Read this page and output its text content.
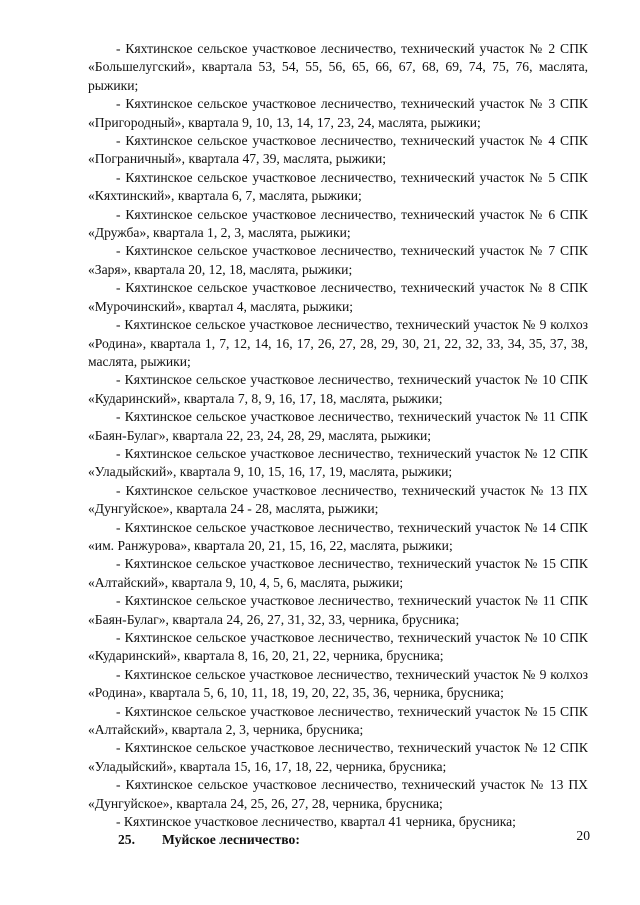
- Кяхтинское сельское участковое лесничество, технический участок № 2 СПК «Большелугский», квартала 53, 54, 55, 56, 65, 66, 67, 68, 69, 74, 75, 76, маслята, рыжики;

- Кяхтинское сельское участковое лесничество, технический участок № 3 СПК «Пригородный», квартала 9, 10, 13, 14, 17, 23, 24, маслята, рыжики;

- Кяхтинское сельское участковое лесничество, технический участок № 4 СПК «Пограничный», квартала 47, 39, маслята, рыжики;

- Кяхтинское сельское участковое лесничество, технический участок № 5 СПК «Кяхтинский», квартала 6, 7, маслята, рыжики;

- Кяхтинское сельское участковое лесничество, технический участок № 6 СПК «Дружба», квартала 1, 2, 3, маслята, рыжики;

- Кяхтинское сельское участковое лесничество, технический участок № 7 СПК «Заря», квартала 20, 12, 18, маслята, рыжики;

- Кяхтинское сельское участковое лесничество, технический участок № 8 СПК «Мурочинский», квартал 4, маслята, рыжики;

- Кяхтинское сельское участковое лесничество, технический участок № 9 колхоз «Родина», квартала 1, 7, 12, 14, 16, 17, 26, 27, 28, 29, 30, 21, 22, 32, 33, 34, 35, 37, 38, маслята, рыжики;

- Кяхтинское сельское участковое лесничество, технический участок № 10 СПК «Кударинский», квартала 7, 8, 9, 16, 17, 18, маслята, рыжики;

- Кяхтинское сельское участковое лесничество, технический участок № 11 СПК «Баян-Булаг», квартала 22, 23, 24, 28, 29, маслята, рыжики;

- Кяхтинское сельское участковое лесничество, технический участок № 12 СПК «Уладыйский», квартала 9, 10, 15, 16, 17, 19, маслята, рыжики;

- Кяхтинское сельское участковое лесничество, технический участок № 13 ПХ «Дунгуйское», квартала 24 - 28, маслята, рыжики;

- Кяхтинское сельское участковое лесничество, технический участок № 14 СПК «им. Ранжурова», квартала 20, 21, 15, 16, 22, маслята, рыжики;

- Кяхтинское сельское участковое лесничество, технический участок № 15 СПК «Алтайский», квартала 9, 10, 4, 5, 6, маслята, рыжики;

- Кяхтинское сельское участковое лесничество, технический участок № 11 СПК «Баян-Булаг», квартала 24, 26, 27, 31, 32, 33, черника, брусника;

- Кяхтинское сельское участковое лесничество, технический участок № 10 СПК «Кударинский», квартала 8, 16, 20, 21, 22, черника, брусника;

- Кяхтинское сельское участковое лесничество, технический участок № 9 колхоз «Родина», квартала 5, 6, 10, 11, 18, 19, 20, 22, 35, 36, черника, брусника;

- Кяхтинское сельское участковое лесничество, технический участок № 15 СПК «Алтайский», квартала 2, 3, черника, брусника;

- Кяхтинское сельское участковое лесничество, технический участок № 12 СПК «Уладыйский», квартала 15, 16, 17, 18, 22, черника, брусника;

- Кяхтинское сельское участковое лесничество, технический участок № 13 ПХ «Дунгуйское», квартала 24, 25, 26, 27, 28, черника, брусника;

- Кяхтинское участковое лесничество, квартал 41 черника, брусника;

25. Муйское лесничество:	20
